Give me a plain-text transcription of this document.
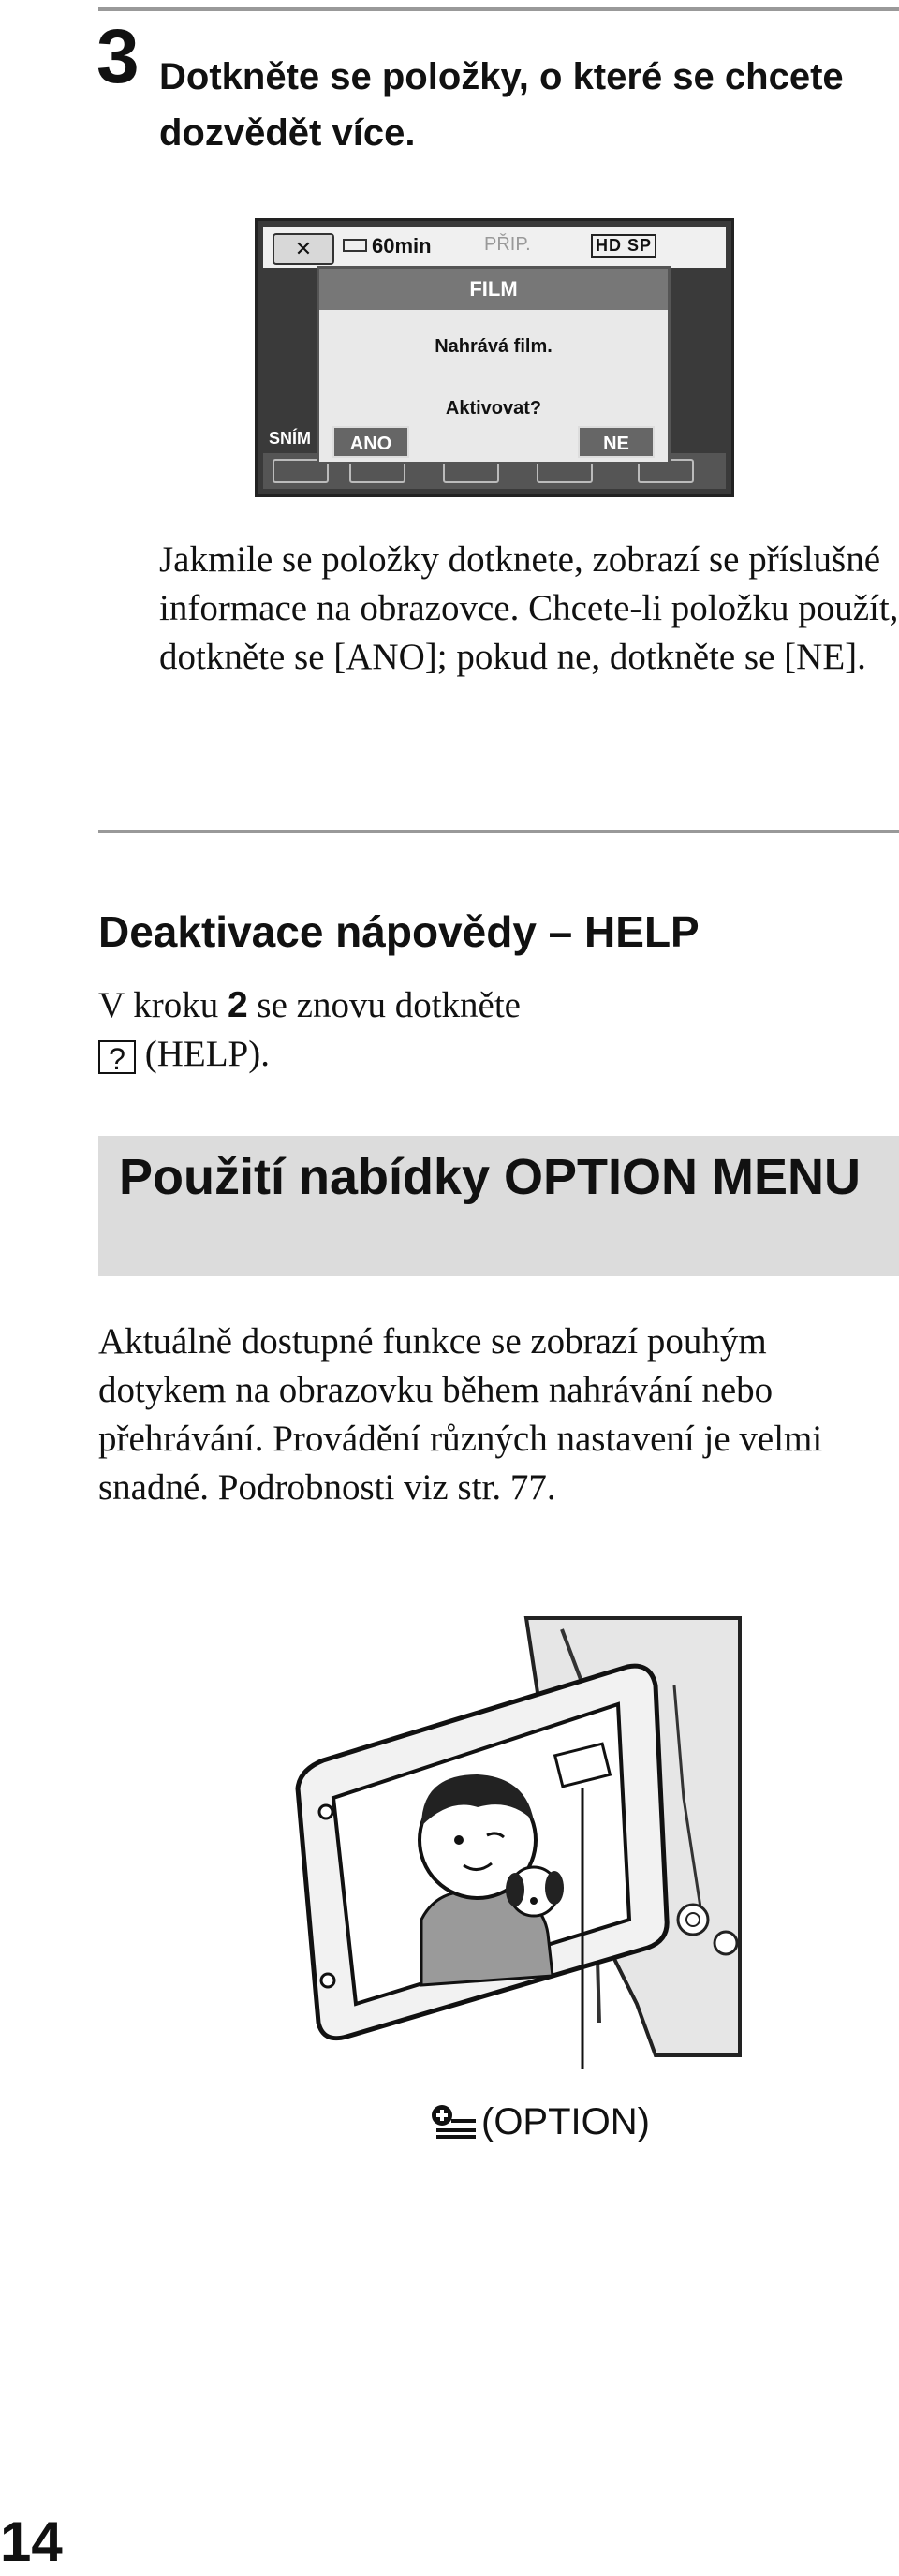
3 Dotkněte se položky, o které se chcete dozvědět více.
✕	60min	PŘIP.	HD SP
SNÍM
FILM
Nahrává film.
Aktivovat?
ANO	NE
Jakmile se položky dotknete, zobrazí se příslušné informace na obrazovce. Chcete-li položku použít, dotkněte se [ANO]; pokud ne, dotkněte se [NE].
Deaktivace nápovědy – HELP
V kroku 2 se znovu dotkněte
? (HELP).
Použití nabídky OPTION MENU
Aktuálně dostupné funkce se zobrazí pouhým dotykem na obrazovku během nahrávání nebo přehrávání. Provádění různých nastavení je velmi snadné. Podrobnosti viz str. 77.
(OPTION)
14
